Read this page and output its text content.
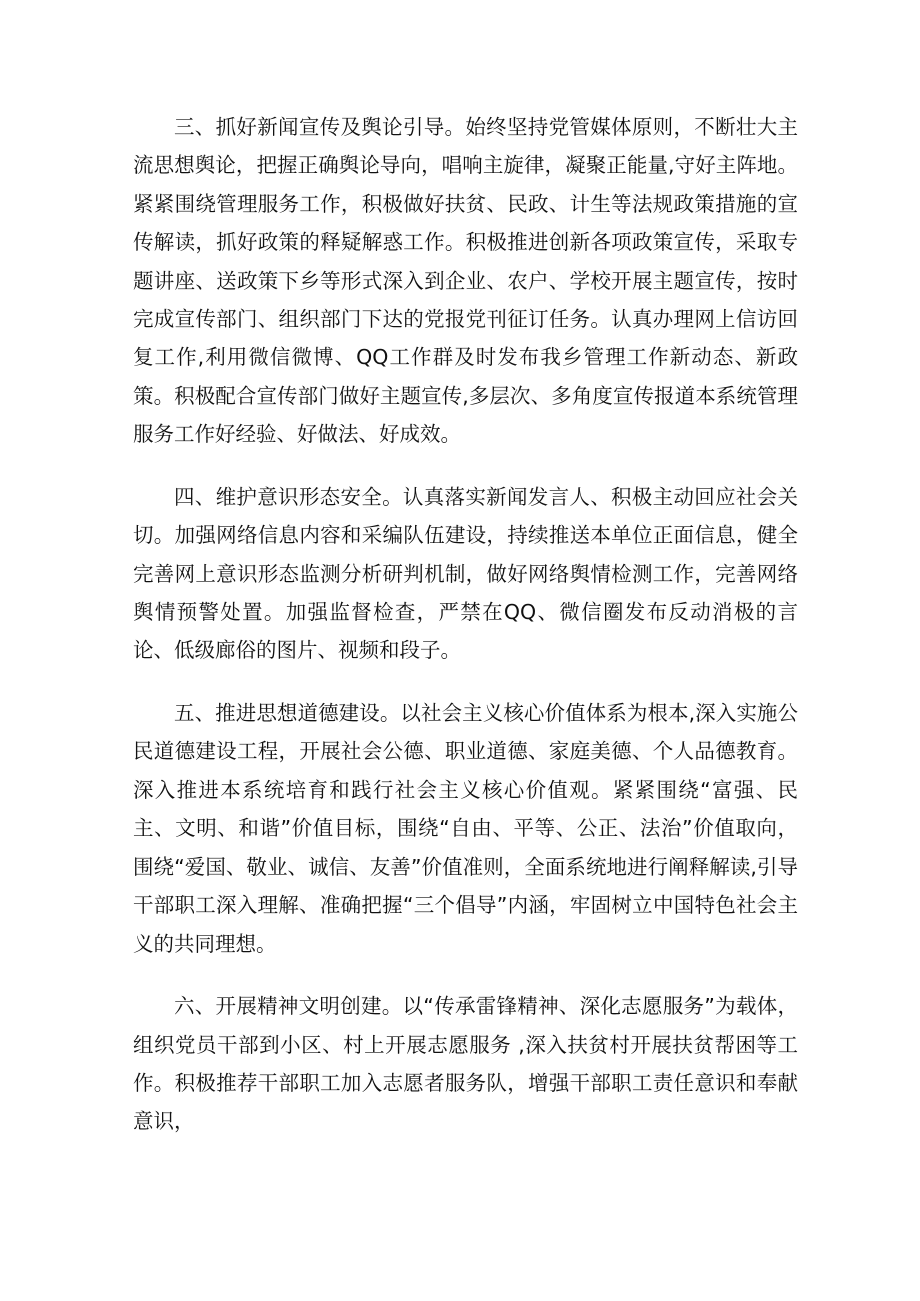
三、抓好新闻宣传及舆论引导。始终坚持党管媒体原则，不断壮大主流思想舆论，把握正确舆论导向，唱响主旋律，凝聚正能量,守好主阵地。紧紧围绕管理服务工作，积极做好扶贫、民政、计生等法规政策措施的宣传解读，抓好政策的释疑解惑工作。积极推进创新各项政策宣传，采取专题讲座、送政策下乡等形式深入到企业、农户、学校开展主题宣传，按时完成宣传部门、组织部门下达的党报党刊征订任务。认真办理网上信访回复工作,利用微信微博、QQ工作群及时发布我乡管理工作新动态、新政策。积极配合宣传部门做好主题宣传,多层次、多角度宣传报道本系统管理服务工作好经验、好做法、好成效。

四、维护意识形态安全。认真落实新闻发言人、积极主动回应社会关切。加强网络信息内容和采编队伍建设，持续推送本单位正面信息，健全完善网上意识形态监测分析研判机制，做好网络舆情检测工作，完善网络舆情预警处置。加强监督检查，严禁在QQ、微信圈发布反动消极的言论、低级廊俗的图片、视频和段子。

五、推进思想道德建设。以社会主义核心价值体系为根本,深入实施公民道德建设工程，开展社会公德、职业道德、家庭美德、个人品德教育。深入推进本系统培育和践行社会主义核心价值观。紧紧围绕“富强、民主、文明、和谐”价值目标，围绕“自由、平等、公正、法治”价值取向，围绕“爱国、敬业、诚信、友善”价值准则，全面系统地进行阐释解读,引导干部职工深入理解、准确把握“三个倡导”内涵，牢固树立中国特色社会主义的共同理想。

六、开展精神文明创建。以“传承雷锋精神、深化志愿服务”为载体，组织党员干部到小区、村上开展志愿服务 ,深入扶贫村开展扶贫帮困等工作。积极推荐干部职工加入志愿者服务队，增强干部职工责任意识和奉献意识，
